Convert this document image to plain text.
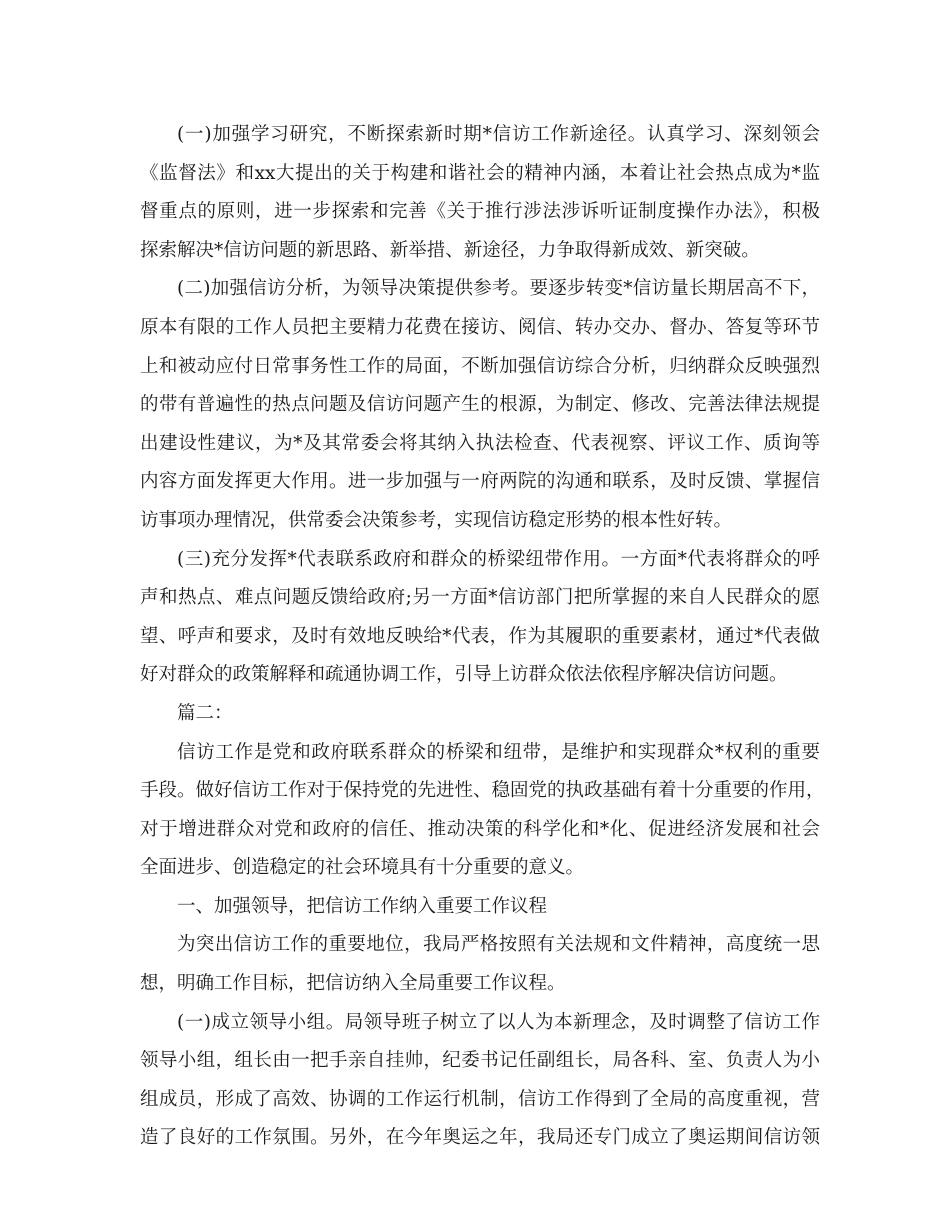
(一)加强学习研究，不断探索新时期*信访工作新途径。认真学习、深刻领会
《监督法》和xx大提出的关于构建和谐社会的精神内涵，本着让社会热点成为*监
督重点的原则，进一步探索和完善《关于推行涉法涉诉听证制度操作办法》，积极
探索解决*信访问题的新思路、新举措、新途径，力争取得新成效、新突破。
(二)加强信访分析，为领导决策提供参考。要逐步转变*信访量长期居高不下，
原本有限的工作人员把主要精力花费在接访、阅信、转办交办、督办、答复等环节
上和被动应付日常事务性工作的局面，不断加强信访综合分析，归纳群众反映强烈
的带有普遍性的热点问题及信访问题产生的根源，为制定、修改、完善法律法规提
出建设性建议，为*及其常委会将其纳入执法检查、代表视察、评议工作、质询等
内容方面发挥更大作用。进一步加强与一府两院的沟通和联系，及时反馈、掌握信
访事项办理情况，供常委会决策参考，实现信访稳定形势的根本性好转。
(三)充分发挥*代表联系政府和群众的桥梁纽带作用。一方面*代表将群众的呼
声和热点、难点问题反馈给政府;另一方面*信访部门把所掌握的来自人民群众的愿
望、呼声和要求，及时有效地反映给*代表，作为其履职的重要素材，通过*代表做
好对群众的政策解释和疏通协调工作，引导上访群众依法依程序解决信访问题。
篇二：
信访工作是党和政府联系群众的桥梁和纽带，是维护和实现群众*权利的重要
手段。做好信访工作对于保持党的先进性、稳固党的执政基础有着十分重要的作用，
对于增进群众对党和政府的信任、推动决策的科学化和*化、促进经济发展和社会
全面进步、创造稳定的社会环境具有十分重要的意义。
一、加强领导，把信访工作纳入重要工作议程
为突出信访工作的重要地位，我局严格按照有关法规和文件精神，高度统一思
想，明确工作目标，把信访纳入全局重要工作议程。
(一)成立领导小组。局领导班子树立了以人为本新理念，及时调整了信访工作
领导小组，组长由一把手亲自挂帅，纪委书记任副组长，局各科、室、负责人为小
组成员，形成了高效、协调的工作运行机制，信访工作得到了全局的高度重视，营
造了良好的工作氛围。另外，在今年奥运之年，我局还专门成立了奥运期间信访领
